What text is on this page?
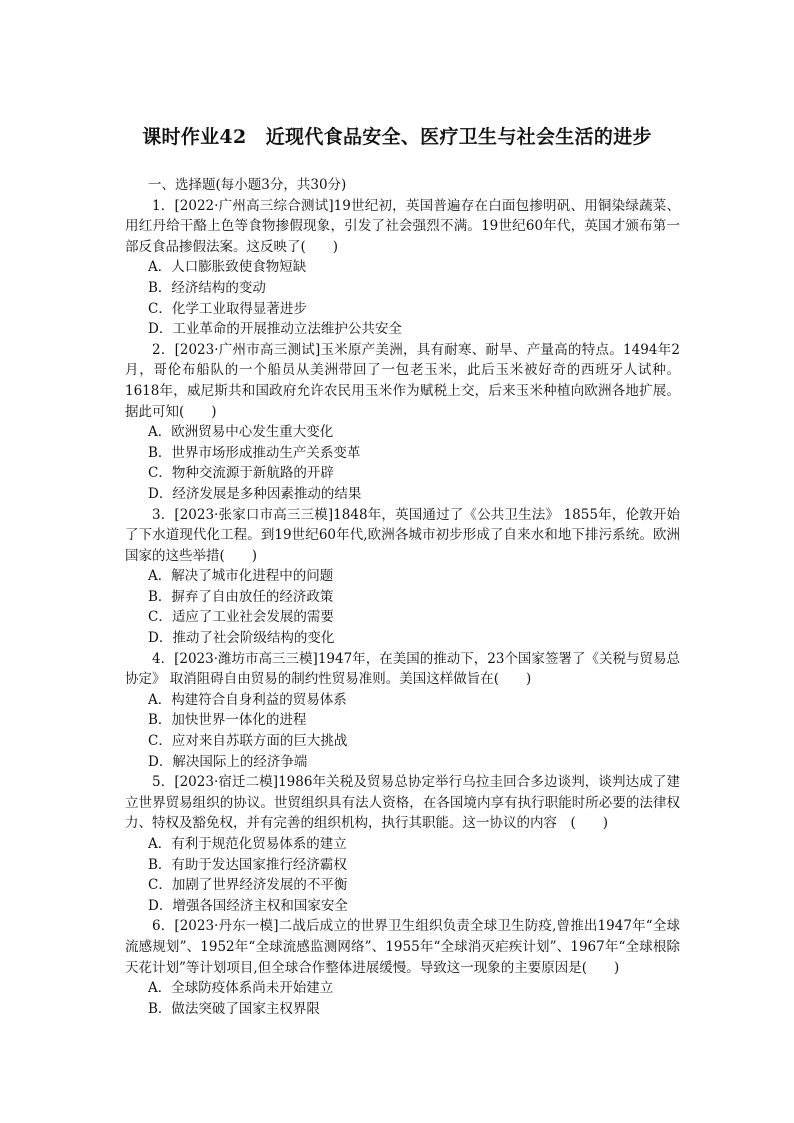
课时作业42　近现代食品安全、医疗卫生与社会生活的进步

一、选择题(每小题3分，共30分)

1．[2022·广州高三综合测试]19世纪初，英国普遍存在白面包掺明矾、用铜染绿蔬菜、用红丹给干酪上色等食物掺假现象，引发了社会强烈不满。19世纪60年代，英国才颁布第一部反食品掺假法案。这反映了(　　)

A．人口膨胀致使食物短缺

B．经济结构的变动

C．化学工业取得显著进步

D．工业革命的开展推动立法维护公共安全

2．[2023·广州市高三测试]玉米原产美洲，具有耐寒、耐旱、产量高的特点。1494年2月，哥伦布船队的一个船员从美洲带回了一包老玉米，此后玉米被好奇的西班牙人试种。1618年，威尼斯共和国政府允许农民用玉米作为赋税上交，后来玉米种植向欧洲各地扩展。据此可知(　　)

A．欧洲贸易中心发生重大变化

B．世界市场形成推动生产关系变革

C．物种交流源于新航路的开辟

D．经济发展是多种因素推动的结果

3．[2023·张家口市高三三模]1848年，英国通过了《公共卫生法》 1855年，伦敦开始了下水道现代化工程。到19世纪60年代,欧洲各城市初步形成了自来水和地下排污系统。欧洲国家的这些举措(　　)

A．解决了城市化进程中的问题

B．摒弃了自由放任的经济政策

C．适应了工业社会发展的需要

D．推动了社会阶级结构的变化

4．[2023·潍坊市高三三模]1947年，在美国的推动下，23个国家签署了《关税与贸易总协定》 取消阻碍自由贸易的制约性贸易准则。美国这样做旨在(　　)

A．构建符合自身利益的贸易体系

B．加快世界一体化的进程

C．应对来自苏联方面的巨大挑战

D．解决国际上的经济争端

5．[2023·宿迁二模]1986年关税及贸易总协定举行乌拉圭回合多边谈判，谈判达成了建立世界贸易组织的协议。世贸组织具有法人资格，在各国境内享有执行职能时所必要的法律权力、特权及豁免权，并有完善的组织机构，执行其职能。这一协议的内容　(　　)

A．有利于规范化贸易体系的建立

B．有助于发达国家推行经济霸权

C．加剧了世界经济发展的不平衡

D．增强各国经济主权和国家安全

6．[2023·丹东一模]二战后成立的世界卫生组织负责全球卫生防疫,曾推出1947年“全球流感规划”、1952年“全球流感监测网络”、1955年“全球消灭疟疾计划”、1967年“全球根除天花计划”等计划项目,但全球合作整体进展缓慢。导致这一现象的主要原因是(　　)

A．全球防疫体系尚未开始建立

B．做法突破了国家主权界限
